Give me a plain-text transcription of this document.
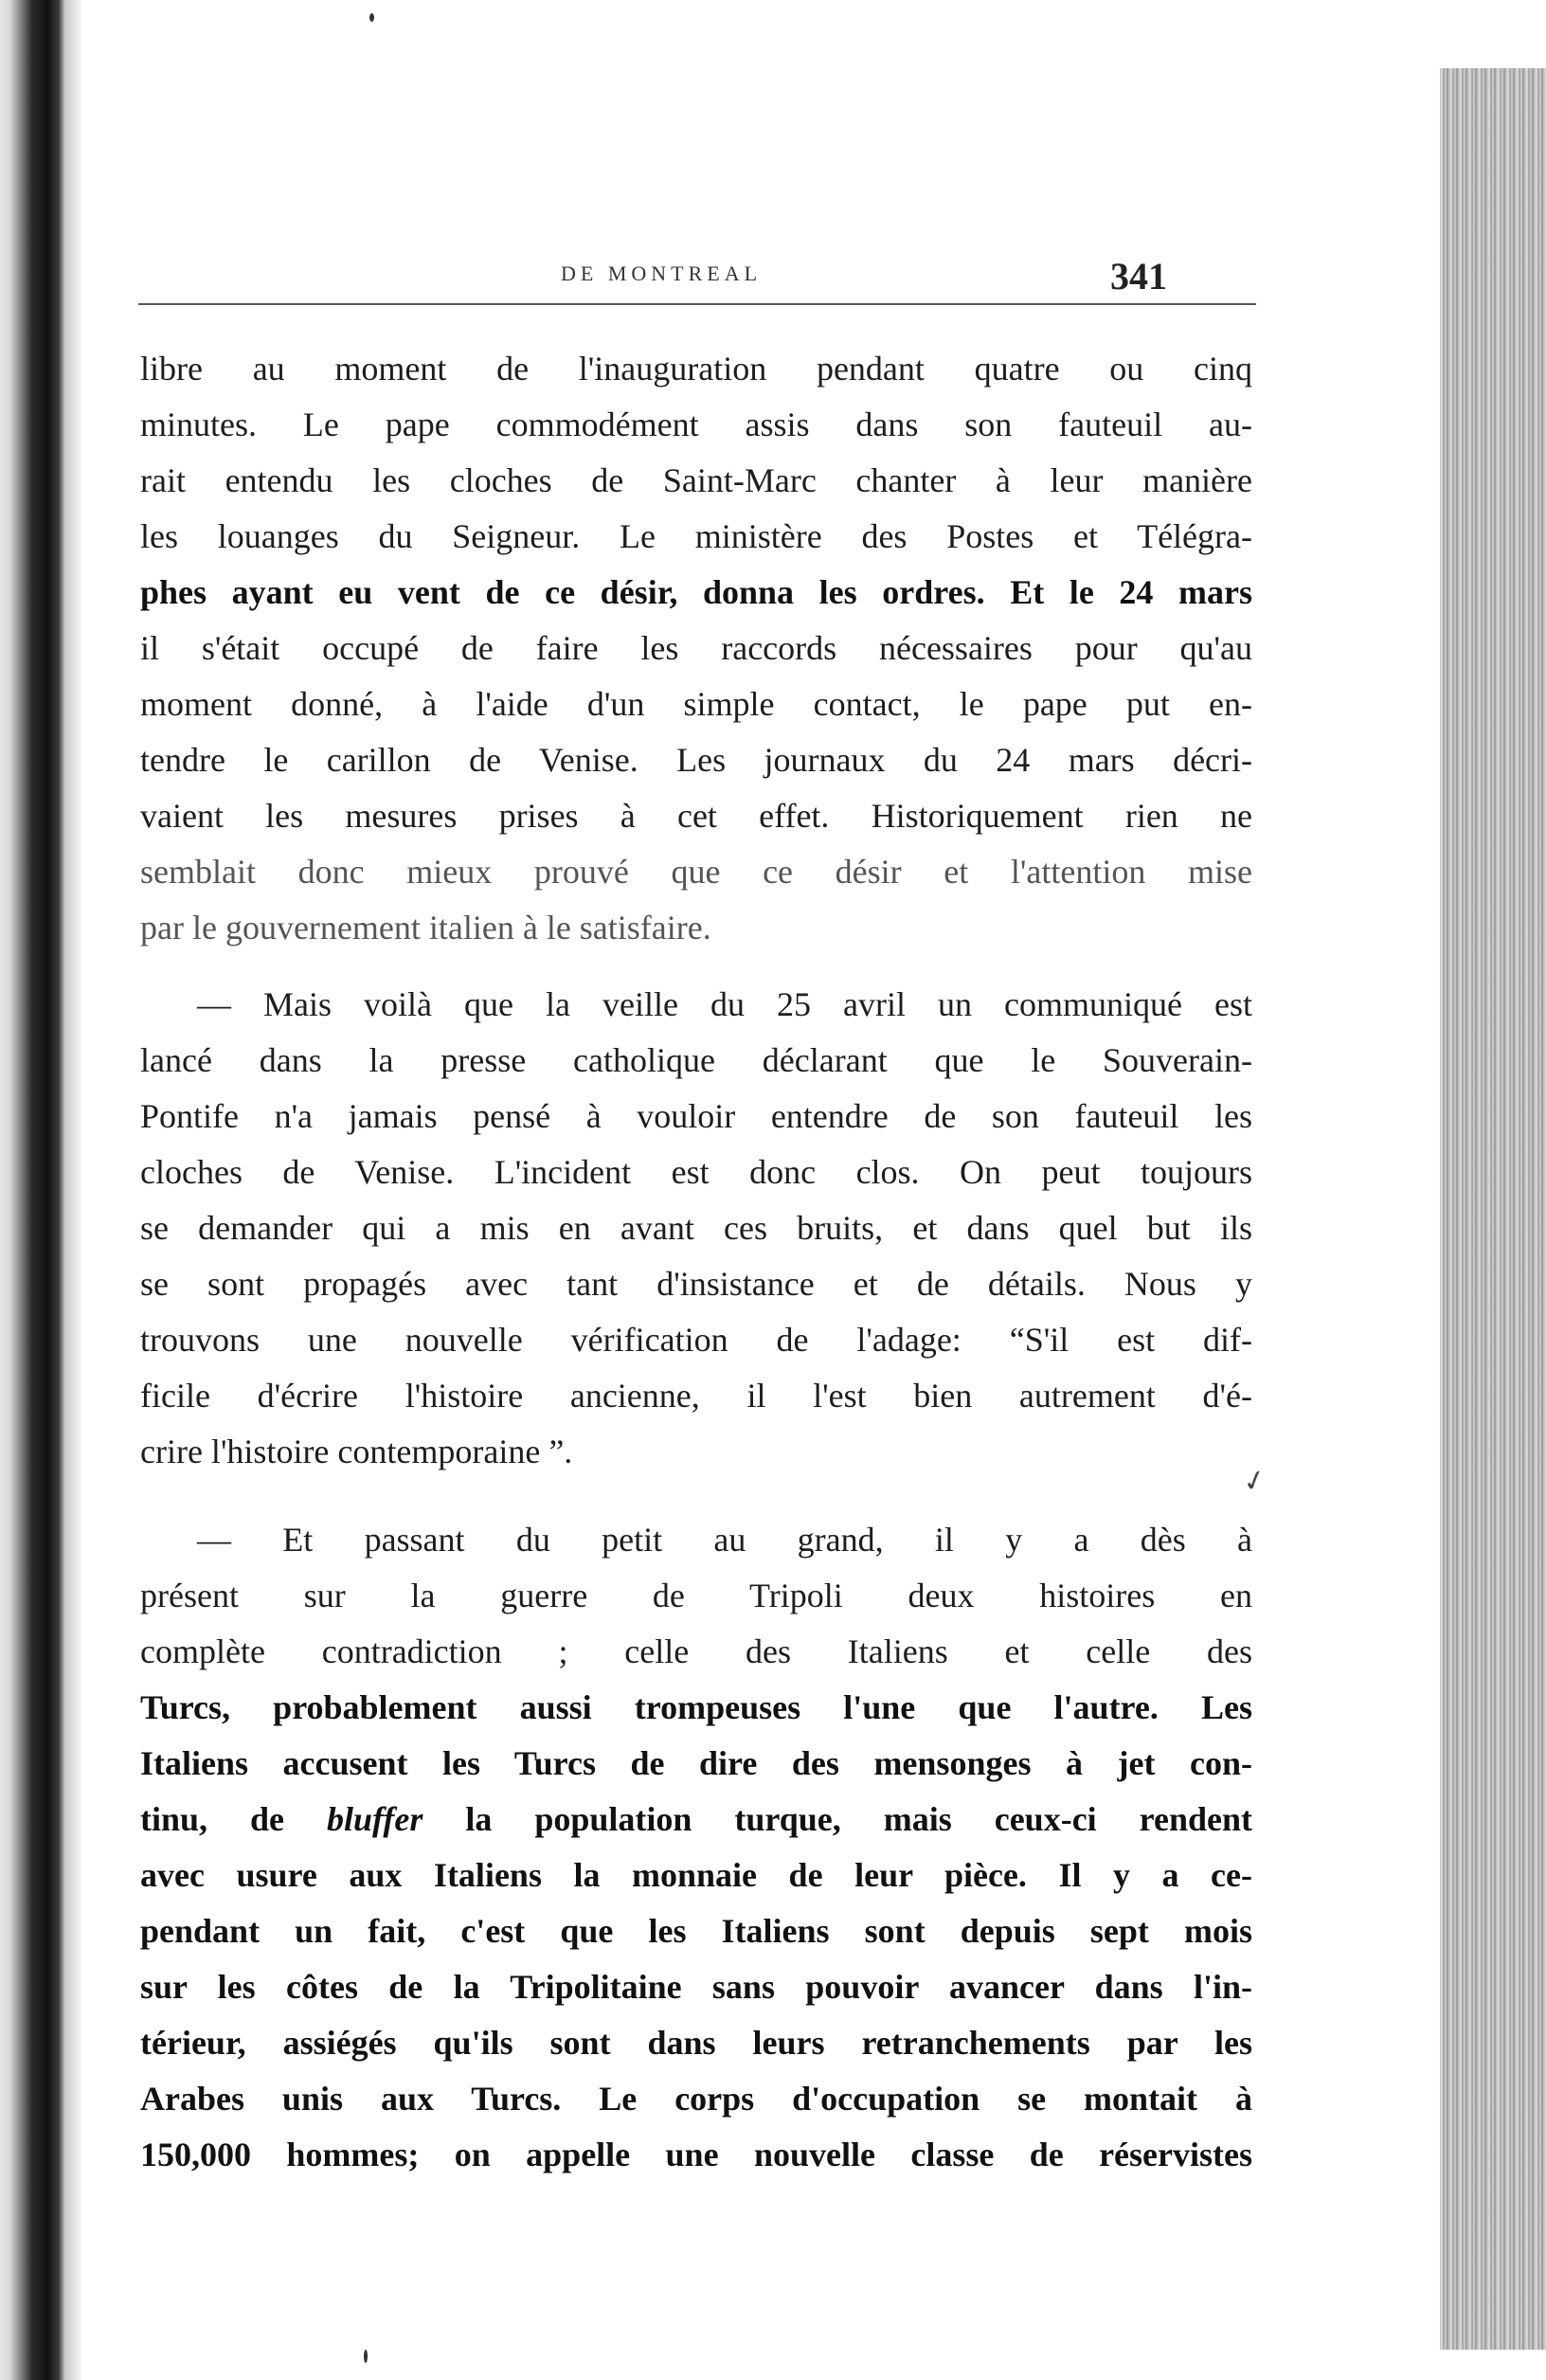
DE MONTREAL	341
libre au moment de l'inauguration pendant quatre ou cinq
minutes. Le pape commodément assis dans son fauteuil au-
rait entendu les cloches de Saint-Marc chanter à leur manière
les louanges du Seigneur. Le ministère des Postes et Télégra-
phes ayant eu vent de ce désir, donna les ordres. Et le 24 mars
il s'était occupé de faire les raccords nécessaires pour qu'au
moment donné, à l'aide d'un simple contact, le pape put en-
tendre le carillon de Venise. Les journaux du 24 mars décri-
vaient les mesures prises à cet effet. Historiquement rien ne
semblait donc mieux prouvé que ce désir et l'attention mise
par le gouvernement italien à le satisfaire.
— Mais voilà que la veille du 25 avril un communiqué est
lancé dans la presse catholique déclarant que le Souverain-
Pontife n'a jamais pensé à vouloir entendre de son fauteuil les
cloches de Venise. L'incident est donc clos. On peut toujours
se demander qui a mis en avant ces bruits, et dans quel but ils
se sont propagés avec tant d'insistance et de détails. Nous y
trouvons une nouvelle vérification de l'adage: “S'il est dif-
ficile d'écrire l'histoire ancienne, il l'est bien autrement d'é-
crire l'histoire contemporaine ”.
— Et passant du petit au grand, il y a dès à
présent sur la guerre de Tripoli deux histoires en
complète contradiction ; celle des Italiens et celle des
Turcs, probablement aussi trompeuses l'une que l'autre. Les
Italiens accusent les Turcs de dire des mensonges à jet con-
tinu, de bluffer la population turque, mais ceux-ci rendent
avec usure aux Italiens la monnaie de leur pièce. Il y a ce-
pendant un fait, c'est que les Italiens sont depuis sept mois
sur les côtes de la Tripolitaine sans pouvoir avancer dans l'in-
térieur, assiégés qu'ils sont dans leurs retranchements par les
Arabes unis aux Turcs. Le corps d'occupation se montait à
150,000 hommes; on appelle une nouvelle classe de réservistes
✓
